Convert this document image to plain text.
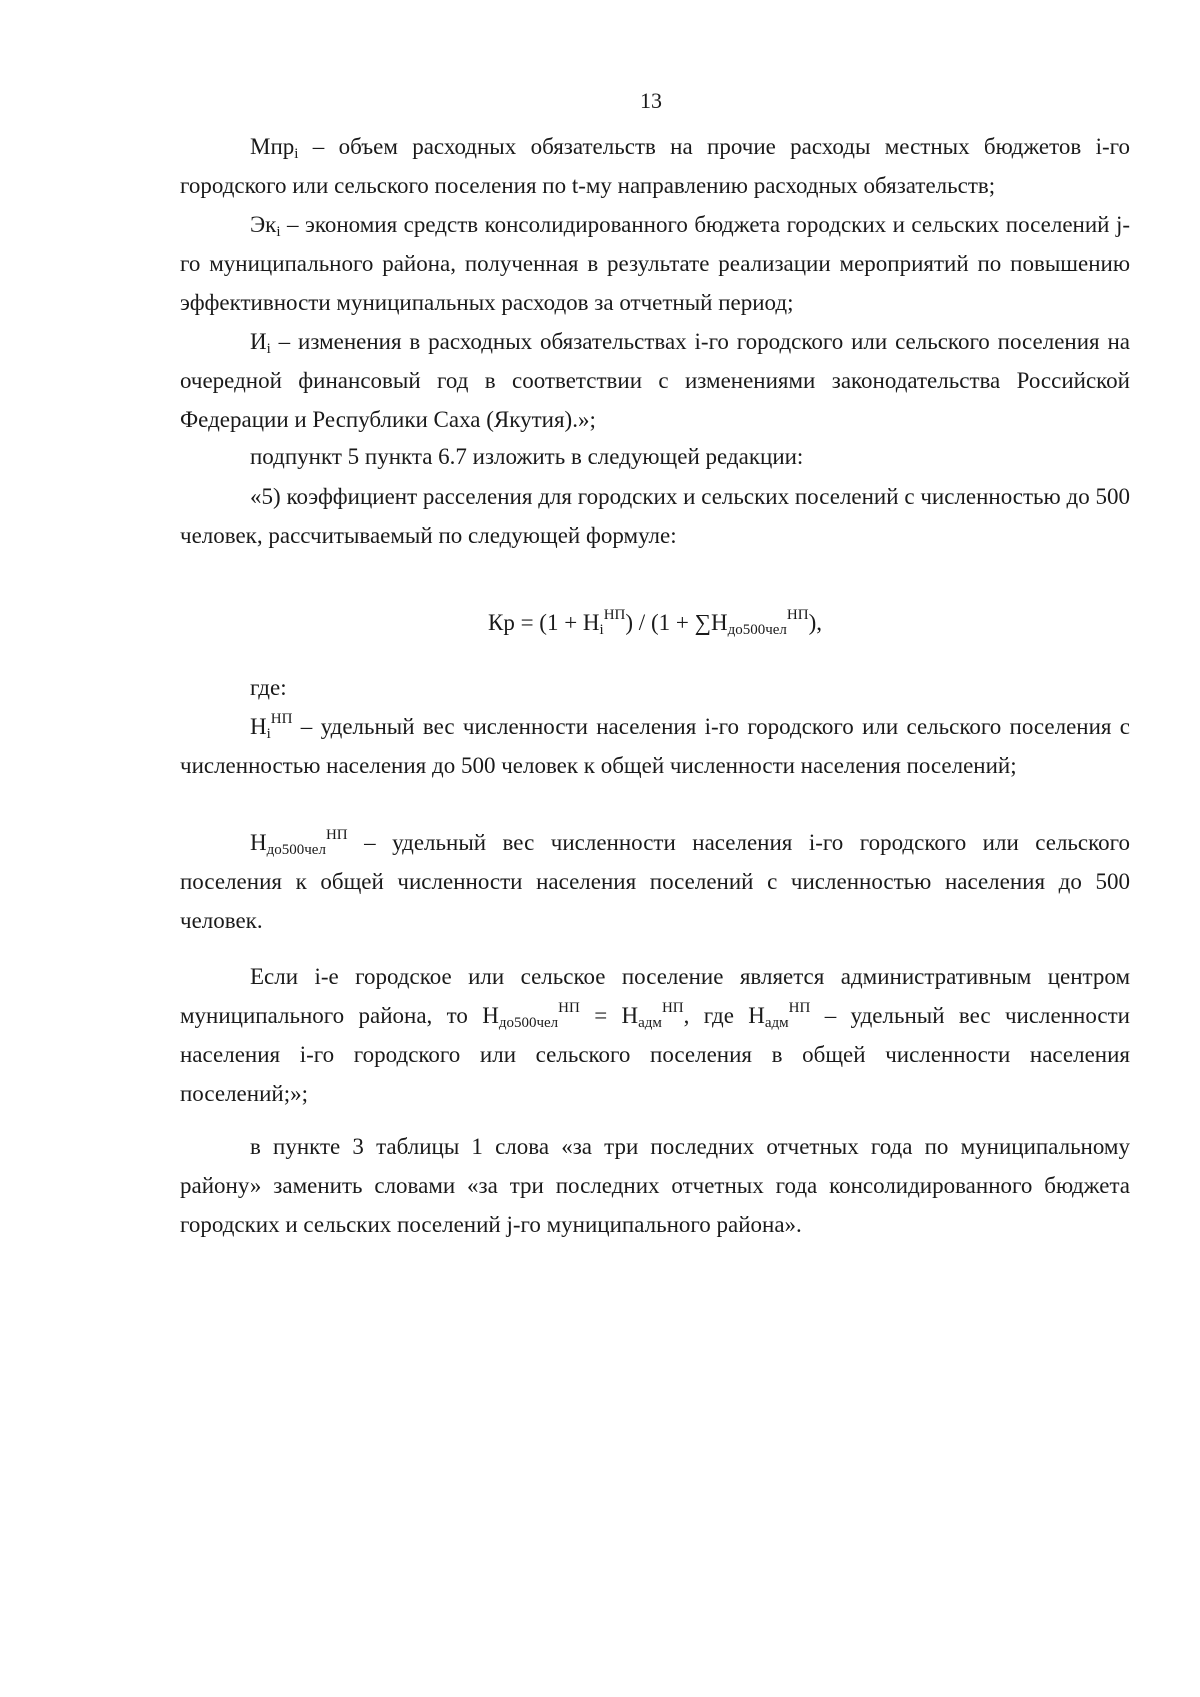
13

Мпр$_i$ – объем расходных обязательств на прочие расходы местных бюджетов i-го городского или сельского поселения по t-му направлению расходных обязательств;

$Эк_i$ – экономия средств консолидированного бюджета городских и сельских поселений j-го муниципального района, полученная в результате реализации мероприятий по повышению эффективности муниципальных расходов за отчетный период;

$И_i$ – изменения в расходных обязательствах i-го городского или сельского поселения на очередной финансовый год в соответствии с изменениями законодательства Российской Федерации и Республики Саха (Якутия).»;

подпункт 5 пункта 6.7 изложить в следующей редакции:

«5) коэффициент расселения для городских и сельских поселений с численностью до 500 человек, рассчитываемый по следующей формуле:

Кр = $(1 + Н_i^{НП}) / (1 + \sum Н_{до500чел}^{НП})$,

где:

$Н_i^{НП}$ – удельный вес численности населения i-го городского или сельского поселения с численностью населения до 500 человек к общей численности населения поселений;

$Н_{до500чел}^{НП}$ – удельный вес численности населения i-го городского или сельского поселения к общей численности населения поселений с численностью населения до 500 человек.

Если i-е городское или сельское поселение является административным центром муниципального района, то $Н_{до500чел}^{НП} = Н_{адм}^{НП}$, где $Н_{адм}^{НП}$ – удельный вес численности населения i-го городского или сельского поселения в общей численности населения поселений;»;

в пункте 3 таблицы 1 слова «за три последних отчетных года по муниципальному району» заменить словами «за три последних отчетных года консолидированного бюджета городских и сельских поселений j-го муниципального района».
